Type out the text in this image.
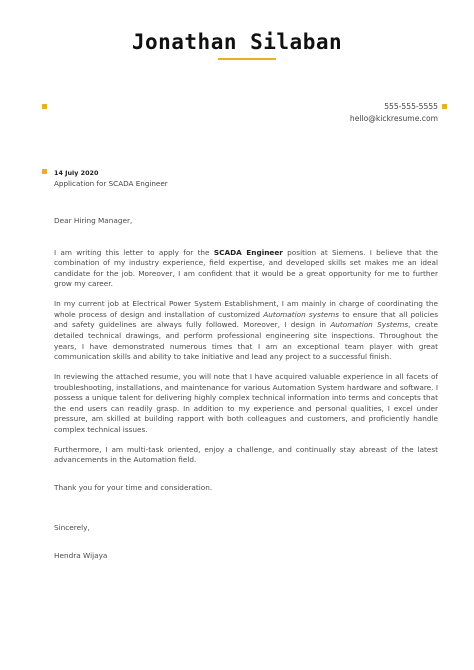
Jonathan Silaban
555-555-5555
hello@kickresume.com
14 July 2020
Application for SCADA Engineer

Dear Hiring Manager,

I am writing this letter to apply for the SCADA Engineer position at Siemens. I believe that the combination of my industry experience, field expertise, and developed skills set makes me an ideal candidate for the job. Moreover, I am confident that it would be a great opportunity for me to further grow my career.

In my current job at Electrical Power System Establishment, I am mainly in charge of coordinating the whole process of design and installation of customized Automation systems to ensure that all policies and safety guidelines are always fully followed. Moreover, I design in Automation Systems, create detailed technical drawings, and perform professional engineering site inspections. Throughout the years, I have demonstrated numerous times that I am an exceptional team player with great communication skills and ability to take initiative and lead any project to a successful finish.

In reviewing the attached resume, you will note that I have acquired valuable experience in all facets of troubleshooting, installations, and maintenance for various Automation System hardware and software. I possess a unique talent for delivering highly complex technical information into terms and concepts that the end users can readily grasp. In addition to my experience and personal qualities, I excel under pressure, am skilled at building rapport with both colleagues and customers, and proficiently handle complex technical issues.

Furthermore, I am multi-task oriented, enjoy a challenge, and continually stay abreast of the latest advancements in the Automation field.

Thank you for your time and consideration.

Sincerely,

Hendra Wijaya
